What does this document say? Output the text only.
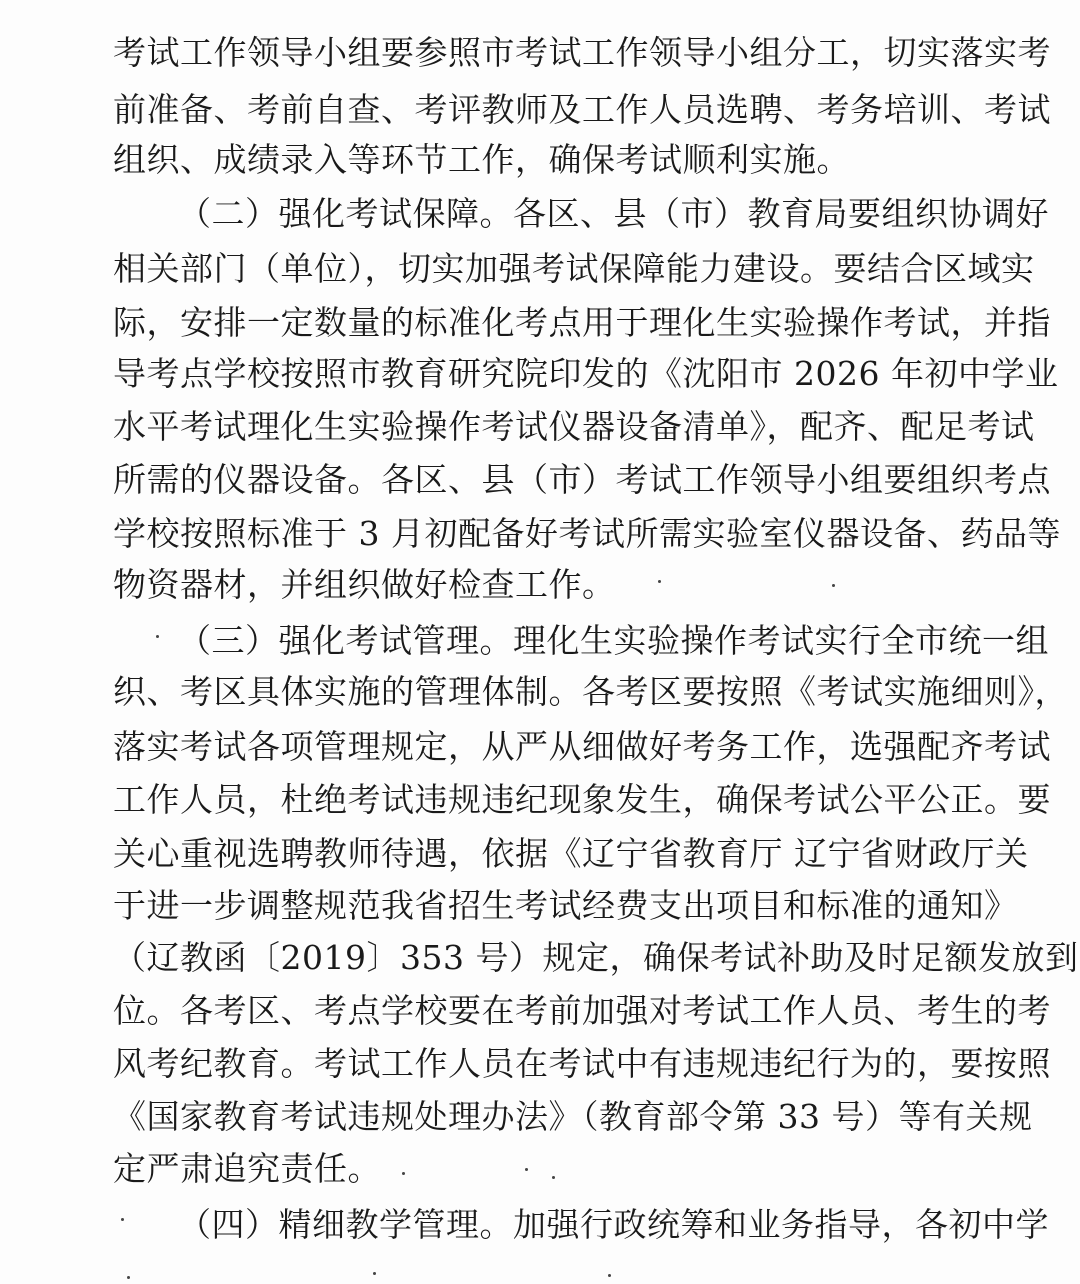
考试工作领导小组要参照市考试工作领导小组分工，切实落实考
前准备、考前自查、考评教师及工作人员选聘、考务培训、考试
组织、成绩录入等环节工作，确保考试顺利实施。
（二）强化考试保障。各区、县（市）教育局要组织协调好
相关部门（单位），切实加强考试保障能力建设。要结合区域实
际，安排一定数量的标准化考点用于理化生实验操作考试，并指
导考点学校按照市教育研究院印发的《沈阳市 2026 年初中学业
水平考试理化生实验操作考试仪器设备清单》，配齐、配足考试
所需的仪器设备。各区、县（市）考试工作领导小组要组织考点
学校按照标准于 3 月初配备好考试所需实验室仪器设备、药品等
物资器材，并组织做好检查工作。
（三）强化考试管理。理化生实验操作考试实行全市统一组
织、考区具体实施的管理体制。各考区要按照《考试实施细则》，
落实考试各项管理规定，从严从细做好考务工作，选强配齐考试
工作人员，杜绝考试违规违纪现象发生，确保考试公平公正。要
关心重视选聘教师待遇，依据《辽宁省教育厅 辽宁省财政厅关
于进一步调整规范我省招生考试经费支出项目和标准的通知》
（辽教函〔2019〕353 号）规定，确保考试补助及时足额发放到
位。各考区、考点学校要在考前加强对考试工作人员、考生的考
风考纪教育。考试工作人员在考试中有违规违纪行为的，要按照
《国家教育考试违规处理办法》（教育部令第 33 号）等有关规
定严肃追究责任。
（四）精细教学管理。加强行政统筹和业务指导，各初中学
